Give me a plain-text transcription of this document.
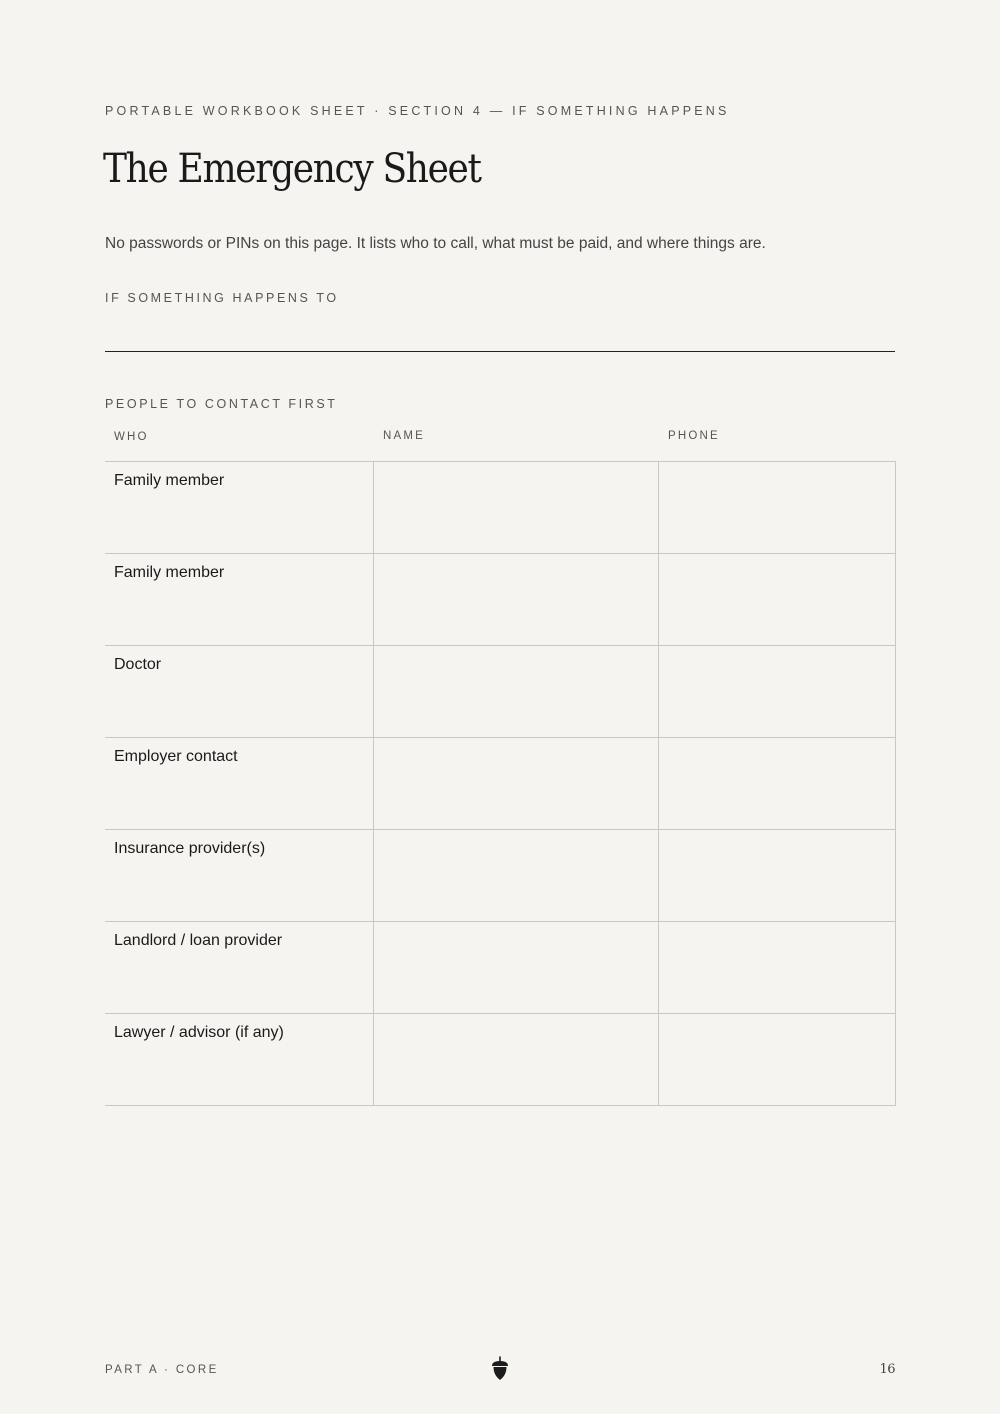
PORTABLE WORKBOOK SHEET · SECTION 4 — IF SOMETHING HAPPENS
The Emergency Sheet
No passwords or PINs on this page. It lists who to call, what must be paid, and where things are.
IF SOMETHING HAPPENS TO
PEOPLE TO CONTACT FIRST
WHO	NAME	PHONE
Family member
Family member
Doctor
Employer contact
Insurance provider(s)
Landlord / loan provider
Lawyer / advisor (if any)
PART A · CORE	16
